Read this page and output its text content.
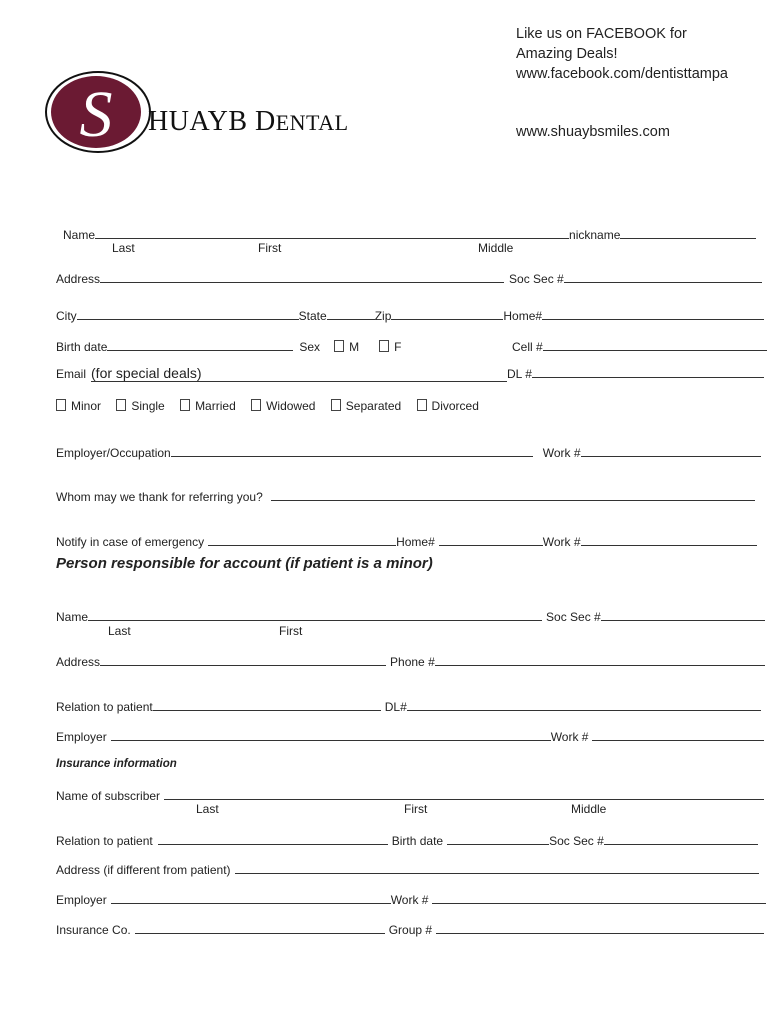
S HUAYB DENTAL
Like us on FACEBOOK for
Amazing Deals!
www.facebook.com/dentisttampa
www.shuaybsmiles.com
Name	nickname
Last	First	Middle
Address	Soc Sec #
City	State	Zip	Home#
Birth date	Sex M	F	Cell #
Email (for special deals)	DL #
Minor	Single	Married	Widowed	Separated	Divorced
Employer/Occupation	Work #
Whom may we thank for referring you?
Notify in case of emergency	Home#	Work #
Person responsible for account (if patient is a minor)
Name	Soc Sec #
Last	First
Address	Phone #
Relation to patient	DL#
Employer	Work #
Insurance information
Name of subscriber
Last	First	Middle
Relation to patient	Birth date	Soc Sec #
Address (if different from patient)
Employer	Work #
Insurance Co.	Group #
